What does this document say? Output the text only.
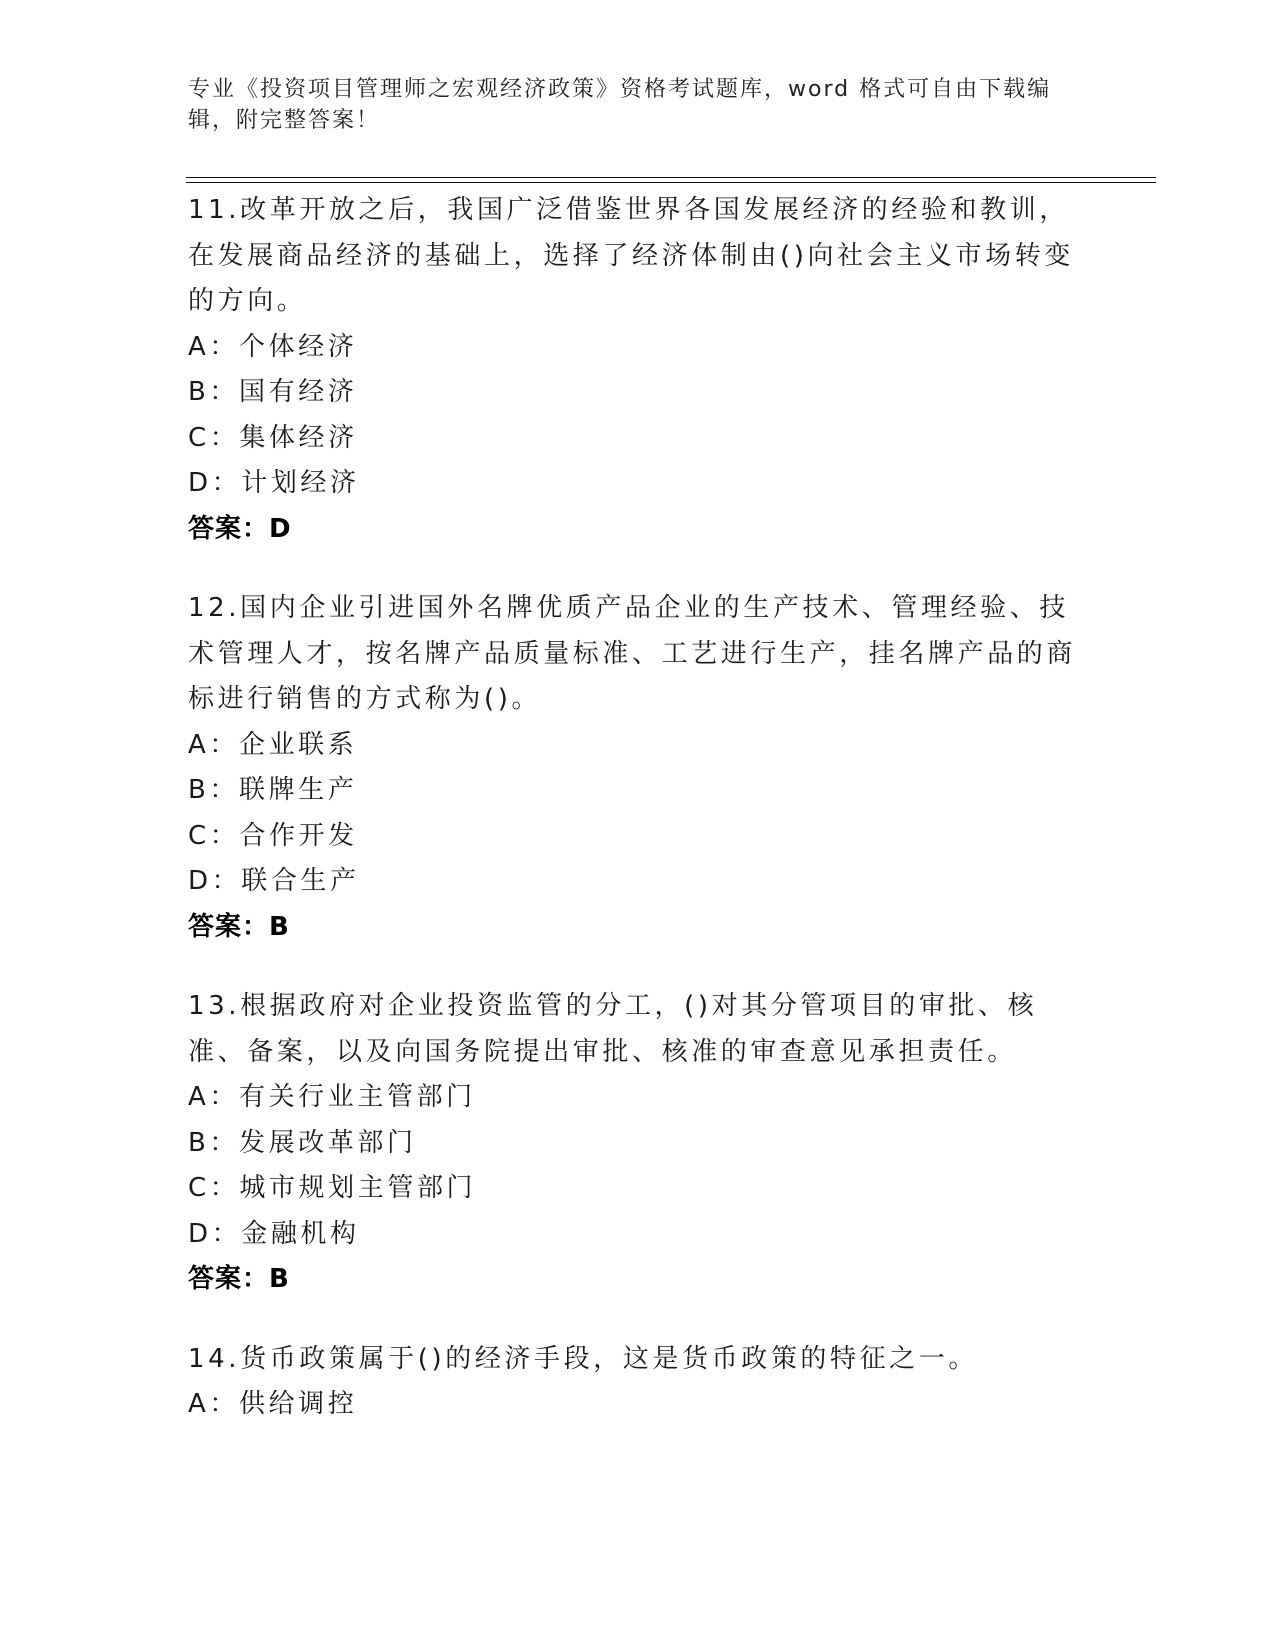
专业《投资项目管理师之宏观经济政策》资格考试题库，word 格式可自由下载编辑，附完整答案！
11.改革开放之后，我国广泛借鉴世界各国发展经济的经验和教训，在发展商品经济的基础上，选择了经济体制由()向社会主义市场转变的方向。
A：个体经济
B：国有经济
C：集体经济
D：计划经济
答案：D
12.国内企业引进国外名牌优质产品企业的生产技术、管理经验、技术管理人才，按名牌产品质量标准、工艺进行生产，挂名牌产品的商标进行销售的方式称为()。
A：企业联系
B：联牌生产
C：合作开发
D：联合生产
答案：B
13.根据政府对企业投资监管的分工，()对其分管项目的审批、核准、备案，以及向国务院提出审批、核准的审查意见承担责任。
A：有关行业主管部门
B：发展改革部门
C：城市规划主管部门
D：金融机构
答案：B
14.货币政策属于()的经济手段，这是货币政策的特征之一。
A：供给调控
